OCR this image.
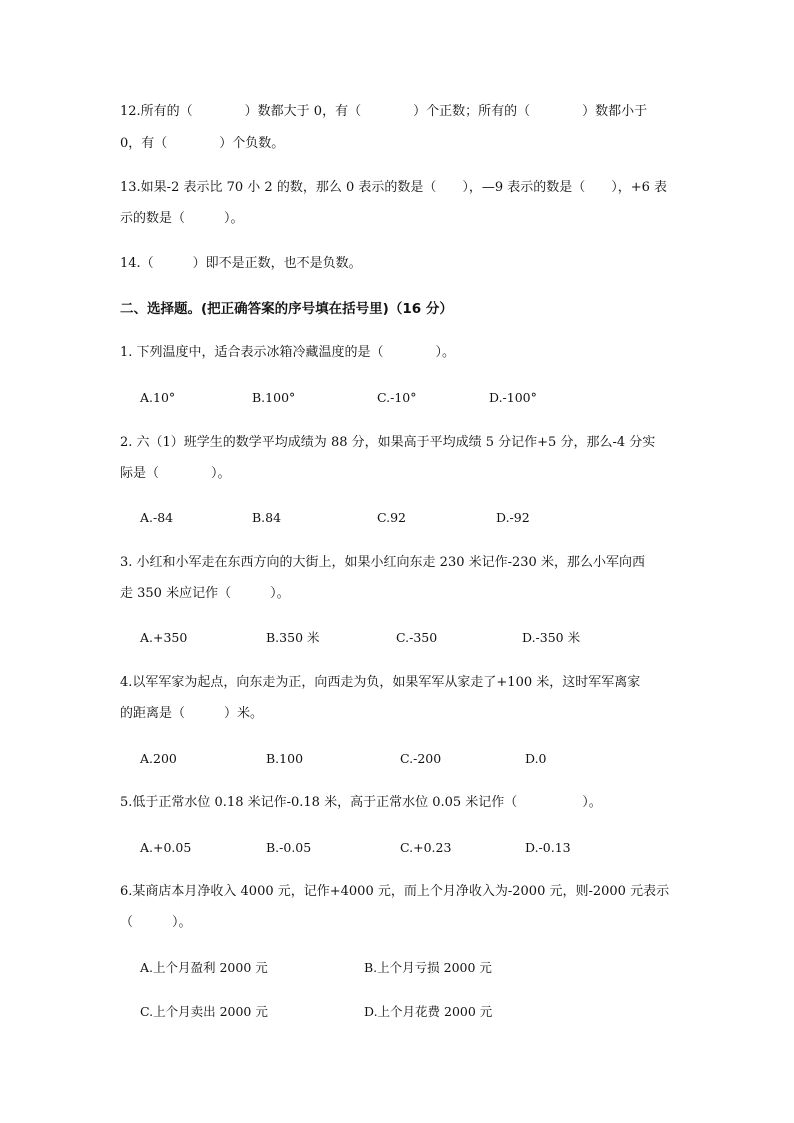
12.所有的（　　　　）数都大于 0，有（　　　　）个正数；所有的（　　　　）数都小于
0，有（　　　　）个负数。
13.如果-2 表示比 70 小 2 的数，那么 0 表示的数是（　　），—9 表示的数是（　　），+6 表
示的数是（　　　）。
14.（　　　）即不是正数，也不是负数。
二、选择题。(把正确答案的序号填在括号里)（16 分）
1. 下列温度中，适合表示冰箱冷藏温度的是（　　　　）。
A.10°	B.100°	C.-10°	D.-100°
2. 六（1）班学生的数学平均成绩为 88 分，如果高于平均成绩 5 分记作+5 分，那么-4 分实
际是（　　　　）。
A.-84	B.84	C.92	D.-92
3. 小红和小军走在东西方向的大街上，如果小红向东走 230 米记作-230 米，那么小军向西
走 350 米应记作（　　　）。
A.+350	B.350 米	C.-350	D.-350 米
4.以军军家为起点，向东走为正，向西走为负，如果军军从家走了+100 米，这时军军离家
的距离是（　　　）米。
A.200	B.100	C.-200	D.0
5.低于正常水位 0.18 米记作-0.18 米，高于正常水位 0.05 米记作（　　　　　）。
A.+0.05	B.-0.05	C.+0.23	D.-0.13
6.某商店本月净收入 4000 元，记作+4000 元，而上个月净收入为-2000 元，则-2000 元表示
（　　　）。
A.上个月盈利 2000 元	B.上个月亏损 2000 元
C.上个月卖出 2000 元	D.上个月花费 2000 元
